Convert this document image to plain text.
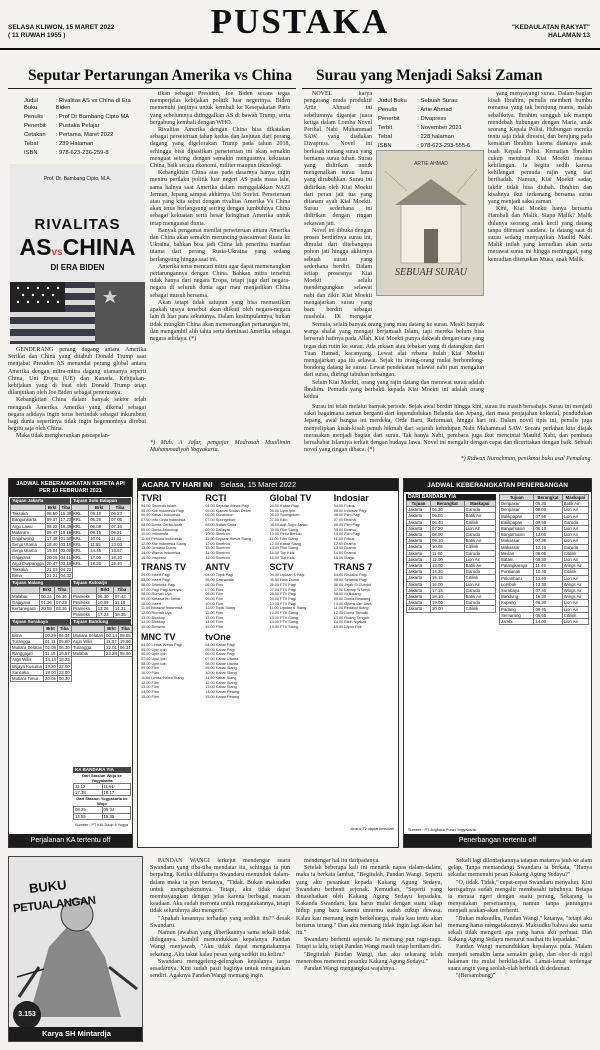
SELASA KLIWON, 15 MARET 2022
( 11 RUWAH 1955 )	PUSTAKA	"KEDAULATAN RAKYAT"
HALAMAN 13
Seputar Pertarungan Amerika vs China
Judul Buku	: Rivalitas AS vs China di Era Biden
Penulis	: Prof Dr Bambang Cipto MA
Penerbit	: Pustaka Pelajar
Cetakan	: Pertama, Maret 2022
Tebal	: 239 Halaman
ISBN	: 978-623-236-259-8
Prof. Dr. Bambang Cipto, M.A.
RIVALITAS
ASvsCHINA
DI ERA BIDEN

GENDERANG perang dagang antara Amerika Serikat dan China yang ditabuh Donald Trump saat menjabat Presiden AS menandai perang global antara Amerika dengan mitra-mitra dagang utamanya seperti China, Uni Eropa (UE) dan Kanada. Kebijakan-kebijakan yang di buat oleh Donald Trump tetap dilanjutkan oleh Joe Biden sebagai penerusnya.

Kebangkitan China dalam banyak sektor telah mengusik Amerika. Amerika yang dikenal sebagai negara adidaya ingin terus bertindak sebagai inkumbent bagi dunia sepertinya tidak ingin hegemoninya direbut begitu saja oleh China.

Maka tidak mengherankan pascapelan-

tikan sebagai Presiden, Joe Biden secara tegas memperjelas kebijakan politik luar negerinya. Biden memenuhi janjinya untuk kembali ke Kesepakatan Paris yang sebelumnya ditinggalkan AS di bawah Trump, serta bergabung kembali dengan WHO.

Rivalitas Amerika dengan China bisa dikatakan sebagai perseteruan tahap kedua dan lanjutan dari perang dagang yang digelorakan Trump pada tahun 2018, sehingga bisa dipastikan perseteruan ini akan semakin menguat seiring dengan semakin menguatnya kekuatan China, baik secara ekonomi, militer maupun teknologi.

Kebangkitan China atas pada dasarnya hanya ingin meniru perilaku politik luar negeri AS pada masa lalu, sama halnya saat Amerika dalam menggalakkan NAZI Jerman, Jepang sampai akhirnya Uni Soviet. Perseteruan atau yang kita sebut dengan rivalitas Amerika Vs China akan terus berlangsung seiring dengan tumbuhnya China sebagai kekuatan serta besar keinginan Amerika untuk tetap menguasai dunia.

Banyak pengamat menilai perseteruan antara Amerika dan China akan semakin meruncing pascainvasi Rusia ke Ukraina, bahkan bisa jadi China lah penerima manfaat utama dari perang Rusia-Ukraina yang sedang berlangsung hingga saat ini.

Amerika terus mencari mitra agar dapat memenangkan pertarungannya dengan China. Bahkan mitra tersebut tidak hanya dari negara Eropa, tetapi juga dari negara-negara di seluruh dunia agar mau menjadikan China sebagai musuh bersama.

Akan tetapi tidak satupun yang bisa memastikan apakah upaya tersebut akan diikuti oleh negara-negara lain di luar para sekutunya. Dalam kesimpulannya, bukan tidak mungkin China akan memenangkan pertarungan ini, dan mengambil alih tahta serta dominasi Amerika sebagai negara adidaya. (*)

*) Muh. A Jafar, pengajar Madrasah Muallimin Muhammadiyah Yogyakarta.
Surau yang Menjadi Saksi Zaman

NOVEL karya pengarang muda produktif Artie Ahmad ini sebelumnya diganjar juara ketiga dalam Lomba Novel Perihal Nabi Muhammad SAW yang diadakan Divapress. Novel ini berkisah tentang surau yang bernama surau tuhan. Surau yang didirikan untuk mengenalkan surau lama yang dirubuhkan. Surau ini didirikan oleh Kiai Moekti dari peran jati tua yang ditanam ayah Kiai Moekti. Surau sederhana ini didirikan dengan ringan sekawan jati.

Novel ini dibuka dengan proses berdirinya surau ini, dimulai dari ditebangnya pohon jati hingga akhirnya sebuah surau yang sederhana berdiri. Dalam setiap prosesnya Kiai Moekti selalu mendengungkan selawat nabi dan zikir. Kiai Moekti mengajarkan surau yang baru berdiri sebagai mushola. Di mengajar

Judul Buku	: Sebuah Surau
Penulis	: Artie Ahmad
Penerbit	: Divapress
Terbit	: November 2021
Tebal	: 228 halaman
ISBN	: 978-623-293-555-6
ARTIE AHMAD
SEBUAH SURAU

Semula, selain banyak orang yang mau datang ke surau. Meski banyak warga shalat yang mengaji berjamaah Islam, tapi mereka belum bisa berserah hatinya pada Allah. Kiai Moekti punya dakwah dengan cara yang tegas dan rutin ke surau. Ada rekaan atau tebakan yang di datangkan dari Tuan Hamad, kacanyang. Lewat alat rebana itulah Kiai Moekti mengajarkan apa itu selawat. Sejak itu orang-orang mulai berbondong-bondong datang ke surau. Lewat pendekatan selawat nabi pun mengalun dari surau, diiringi tabuhan terbangan.

Selain Kiai Moekti, orang yang rajin datang dan merawat surau adalah Ibrahim. Pemuda yang berbakti kepada Kiai Moekti ini adalah orang kedua

yang menyayangi surau. Dalam bagian kisah Ibrahim, penulis memberi bumbu romansa yang tak berujung manis, malah sebaliknya. Ibrahim sungguh tak mampu mendebah hubungan dengan Marie, anak seorang Kepala Polisi. Hubungan mereka tentu saja tidak direstui, dan berujung pada kematian Ibrahim karena dianiaya anak buah Kepala Polisi. Kematian Ibrahim cukup membuat Kiai Moekti merasa kehilangan. Ia begitu sedih karena kehilangan pemuda rajin yang taat beribadah. Namun, Kiai Moekti sadar, takdir tidak bisa diubah. Ibrahim dan kisahnya ikut terkenang bersama surau yang menjadi saksi zaman.

Kini, Kiai Moekti hanya bersama Hambali dan Malik. Siapa Malik? Malik dulunya seorang anak kecil yang datang tanpa ditemani saudara. Ia datang saat di surau sedang menyayikan Maulid Nabi. Malik inilah yang kemudian akan serta merawat surau ini hingga meninggal, yang kemudian diteruskan Musa, anak Malik.

Surau ini telah melalui banyak periode. Sejak awal berdiri hingga kini, surau itu masih bersahaja. Surau ini menjadi saksi bagaimana zaman berganti dari kependudukan Belanda dan Jepang, dari masa penjajahan kolonial, pendudukan Jepang, awal bangsa ini merdeka, Orde Baru, Reformasi, hingga hari ini. Dalam novel tipis ini, penulis juga menyelipkan kisah-kisah penuh hikmah dari sejarah kehidupan Nabi Muhammad SAW. Secara perlahan kita diajak merasakan menjadi bagian dari surau. Tak hanya Nabi, pembaca juga ikut mencintai Maulid Nabi, dan pembaca bersahabat Islamiya terkait dengan budaya Jawa. Novel ini mengalir dengan cepat dan diceritakan dengan baik. Sebuah novel yang ringan dibaca. (*)

*) Ridwan Nurochman, penikmat buku asal Pemalang.
JADWAL KEBERANGKATAN KERETA API
PER 10 FEBRUARI 2021
Tujuan Jakarta
	Brkt	Tiba
Taksaka	08.50	15.39
Bangunkarta	09.37	17.22
Argo Lawu	08.22	16.39
Mataram	09.47	18.16
Gajahwong	17.48	01.50
Senja Utama	18.40	03.10
Senja Utama	19.04	03.00
Gajayana	20.15	04.11
Argo Dwipangga	20.47	03.15
Taksaka	21.03	04.22
Bima	21.21	04.32
Tujuan Solo Balapan
	Brkt	Tiba
KRL	05.15	06.23
KRL	05.28	07.05
KRL	06.08	07.16
KRL	08.15	09.21
KRL	10.01	11.11
KRL	11.55	13.03
KRL	14.45	15.57
KRL	17.05	18.10
KRL	18.30	19.40
Tujuan Malang
	Brkt	Tiba
Malabar	00.24	06.36
Gajayana	01.36	07.23
Kertanegara	20.59	03.36
Tujuan Kutoarjo
	Brkt	Tiba
Prameks	06.30	07.42
Prameks	10.09	11.18
Prameks	13.26	14.31
Prameks	17.23	18.35
Tujuan Surabaya
	Brkt	Tiba
Bima	00.29	04.34
Turangga	01.11	05.00
Mutiara Selatan	02.08	06.30
Ranggajati	11.15	15.57
Argo Wilis	14.14	18.23
Wijaya Kusuma	18.20	22.00
Sancaka	19.00	23.00
Mutiara Timur	20.05	00.30
Tujuan Bandung
	Brkt	Tiba
Mutiara Selatan	00.14	08.05
Argo Wilis	11.07	19.00
Turangga	22.01	06.34
Malabar	23.28	08.00
KA BANDARA YIA
Dari Stasiun Wojo ke Yogyakarta
11.12	11.51
17.38	18.17
Dari Stasiun Yogyakarta ke Wojo
08.25	09.34
14.55	15.35
Sumber : PT KAI Daop 6 Yogya
Perjalanan KA tertentu off
ACARA TV HARI INI Selasa, 15 Maret 2022
TVRI
04.00 Secercik Islam
05.00 Klik Indonesia Pagi
06.00 Kabari Indonesia
07.00 Info Cinta Indonesia
08.00 Dunia Cerita Anak
09.00 Dunia Arkeologi
10.00 Indonesia
11.00 Pesona Indonesia
12.00 Klik Indonesia Siang
13.00 Jendela Dunia
14.00 Warna Indonesia
15.00 Inspirasi
RCTI
04.00 Seputar iNews Pagi
05.00 Kiamat Sudah Dekat
06.00 Doraemon
07.00 Spongebob
08.00 Ikatan Cinta
09.00 Dahsyat
10.00 Sinetron
11.00 Seputar iNews Siang
12.00 Sinetron
13.00 Sinetron
14.00 Sinetron
15.00 Sinetron
Global TV
04.00 Kabar Pagi
05.00 Upin Ipin
06.00 Spongebob
07.00 Kiko
08.00 Adit Sopo Jarwo
09.00 Film Siang
10.00 Pintu Berkah
11.00 Film Siang
12.00 Kabar Siang
13.00 Film Siang
14.00 Top Kids
15.00 Top Kids
Indosiar
04.00 Fokus
05.00 Indosiar Pagi
06.00 Film Pagi
07.00 Drama
08.00 Film Pagi
09.00 Drama
10.00 Film Pagi
11.00 Fokus
12.00 Drama
13.00 Drama
14.00 Drama
15.00 Magic
TRANS TV
04.00 Insert Pagi
05.00 Insert Pagi
06.00 Selebrita Pagi
07.00 Pagi Pagi Ambyar
08.00 Rumah Uya
09.00 Ketawa Itu Sehat
10.00 Insert
11.00 Bioskop Indonesia
12.00 Rumah Uya
13.00 Bioskop
14.00 Bioskop
15.00 Brownis
ANTV
04.00 Topik Pagi
05.00 Cakrawala
06.00 Film
07.00 Film
08.00 Film
09.00 Film
10.00 Film
11.00 Topik Siang
12.00 Film
13.00 Film
14.00 Film
15.00 Film
SCTV
04.00 Liputan 6 Pagi
05.00 Halo Dunia
06.00 FTV Pagi
07.00 FTV Pagi
08.00 FTV Pagi
09.00 FTV Pagi
10.00 FTV Pagi
11.00 Liputan 6 Siang
12.00 FTV Siang
13.00 FTV Siang
14.00 FTV Siang
15.00 FTV Siang
TRANS 7
04.00 Redaksi Pagi
05.00 Selamat Pagi
06.00 Jejak Si Gundul
07.00 Laptop Si Unyil
08.00 Si Bolang
09.00 Dunia Binatang
10.00 Opera Van Java
11.00 Redaksi Siang
12.00 Dunia Terbalik
13.00 Ruang Tengah
14.00 Bikin Ngakak
15.00 Lapor Pak
MNC TV
04.00 Lintas iNews Pagi
05.00 Upin Ipin
06.00 Upin Ipin
07.00 Upin Ipin
08.00 Upin Ipin
09.00 Film
10.00 Film
11.00 Lintas iNews Siang
12.00 Film
13.00 Film
14.00 Film
15.00 Film
tvOne
04.00 Kabar Pagi
05.00 Kabar Pagi
06.00 Kabar Pagi
07.00 Kabar Utama
08.00 Kabar Utama
09.00 Kabar Siang
10.00 Kabar Siang
11.00 Kabar Siang
12.00 Kabar Siang
13.00 Kabar Siang
14.00 Kabar Petang
15.00 Kabar Petang
Acara TV dapat berubah
JADWAL KEBERANGKATAN PENERBANGAN
DARI BANDARA YIA
Tujuan	Berangkat	Maskapai
Jakarta	05.30	Garuda
Jakarta	06.00	Batik Air
Jakarta	06.40	Citilink
Jakarta	07.20	Lion Air
Jakarta	08.00	Garuda
Jakarta	09.10	Batik Air
Jakarta	10.05	Citilink
Jakarta	11.00	Garuda
Jakarta	12.00	Lion Air
Jakarta	13.00	Batik Air
Jakarta	14.20	Garuda
Jakarta	15.15	Citilink
Jakarta	16.00	Lion Air
Jakarta	17.15	Garuda
Jakarta	18.10	Batik Air
Jakarta	19.00	Garuda
Jakarta	20.00	Citilink
Tujuan	Berangkat	Maskapai
Denpasar	06.30	Batik Air
Denpasar	08.00	Lion Air
Balikpapan	07.55	Lion Air
Balikpapan	09.55	Garuda
Banjarmasin	06.10	Lion Air
Banjarmasin	13.00	Lion Air
Makassar	07.35	Lion Air
Makassar	12.15	Garuda
Medan	08.05	Citilink
Batam	09.30	Lion Air
Palangkaraya	11.45	Wings Air
Pontianak	10.40	Citilink
Pekanbaru	12.40	Lion Air
Lombok	13.30	Wings Air
Surabaya	07.40	Wings Air
Bandung	16.20	Wings Air
Kupang	08.30	Lion Air
Padang	09.45	Lion Air
Semarang	06.55	Citilink
Jambi	14.00	Lion Air
Sumber : PT Angkasa Pura I Yogyakarta
Penerbangan tertentu off
BUKU
PETUALANGAN
3.153
Karya SH Mintardja

PANDAN WANGI terkejut mendengar suara Swandaru yang tiba-tiba mendatar itu, sehingga ia pun berpaling. Ketika dilihatnya Swandaru menunduk dalam-dalam maka ia pun bertanya, "Tidak. Bukan maksudku untuk mengebakmunya. Tetapi, aku tidak dapat membayangkan dengan jelas karena berbagai macam keadaan. Aku sudah meronta untuk mengatakannya, tetapi tidak seluruhnya aku mengerti."

"Apakah kesannya terhadap yang sedikit itu?" desak Swandaru.

Namun jawaban yang diberikannya sama sekali tidak diduganya. Sambil menundukkan kepalanya Pandan Wangi menjawab, "Aku tidak dapat mengatakannya sekarang. Aku takut kalau pesan yang sedikit itu keliru."

Swandaru menggeleng-gelengkan kepalanya tanpa sesadarnya. Kini sudah pasti baginya untuk mengatakan sendiri. Agaknya Pandan Wangi memang ingin

mendengar hal itu daripadanya.

Setelah beberapa kali ini menarik napas dalam-dalam, maka ia berkata lambat, "Begitulah, Pandan Wangi. Seperti yang aku pesankan kepada Kakang Agung Sedayu, Swandaru berhenti sejenak. Kemudian, "Seperti yang dinasehatkan oleh Kakang Agung Sedayu kepadaku. Kakanda Swandaru, kau harus mulai dengan suatu sikap hidup yang baru karena umurmu sudah cukup dewasa. Kalau kau memang ingin berkeluarga, maka kau tentu akan berterus terang." Dan aku memang tidak ingin lagi akan hal itu."

Swandaru berhenti sejenak. Ia memang pun ragu-ragu. Tetapi ia lalu, tetapi Pandan Wangi masih tetap berdiam diri.

"Begitulah Pandan Wangi, dan aku sekarang telah menerobos menemui pesanku Kakang Agung Sedayu."

Pandan Wangi mengangkat wajahnya.

Sekali lagi dilontarkannya tatapan matanya jauh ke alam gelap. Tanpa memandangi Swandaru ia berkata, "Hanya sekadar memenuhi pesan Kakang Agung Sedayu?"

"O, tidak. Tidak," cepat-cepat Swandaru menyahut. Kini kerisgatnya sudah mengalir membasahi tubuhnya. Betapa ia merasa ngeri dengan suatu perang, Sekarang ia menyatakan persetuannya, namun tanpa jantungnya menjadi seakan-akan terhenti.

"Bukan maksudku, Pandan Wangi," katanya, "tetapi aku memang harus mengatakannya. Maksudku bahwa aku sama sekali tidak mengerti apa yang harus aku perbuat. Dan Kakang Agung Sedayu menurut nasihat itu kepadaku."

Pandan Wangi menundukkan kepalanya pula. Malam menjadi semakin lama semakin gelap, dan obor di regol halaman itu mulai berkilat-kilat. Lamat-lamat terdengar suara angin yang seolah-olah berbisik di dedaunan.

"(Bersambung)"
